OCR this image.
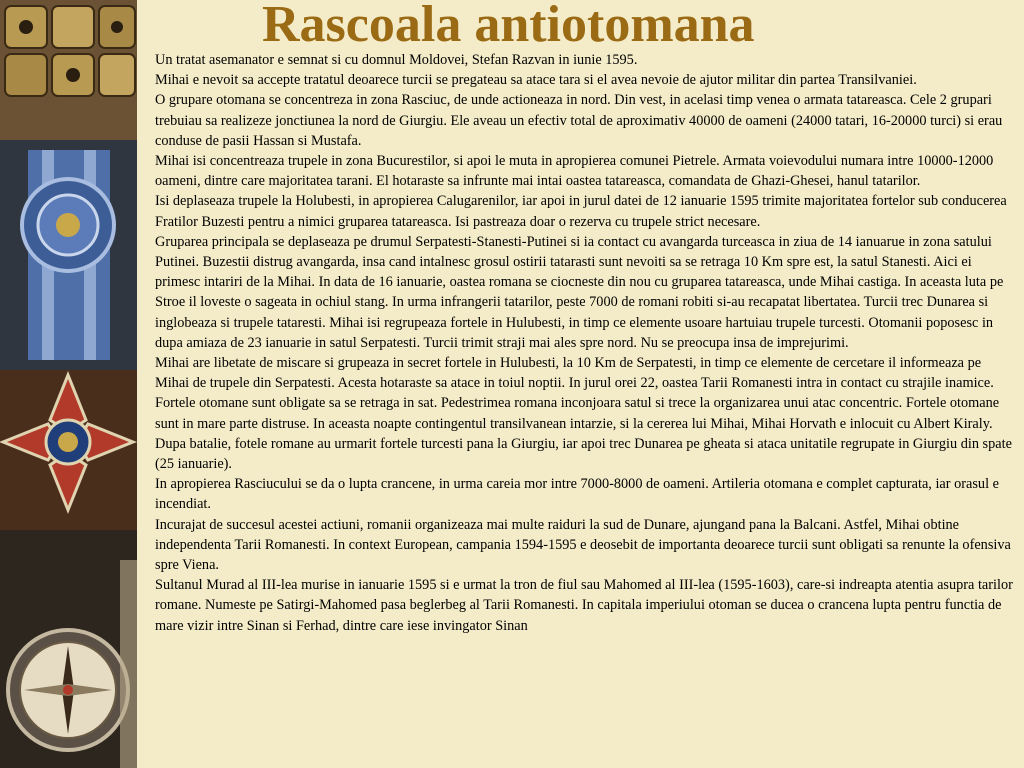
Rascoala antiotomana

Un tratat asemanator e semnat si cu domnul Moldovei, Stefan Razvan in iunie 1595.

Mihai e nevoit sa accepte tratatul deoarece turcii se pregateau sa atace tara si el avea nevoie de ajutor militar din partea Transilvaniei.

O grupare otomana se concentreza in zona Rasciuc, de unde actioneaza in nord. Din vest, in acelasi timp venea o armata tatareasca. Cele 2 grupari trebuiau sa realizeze jonctiunea la nord de Giurgiu. Ele aveau un efectiv total de aproximativ 40000 de oameni (24000 tatari, 16-20000 turci) si erau conduse de pasii Hassan si Mustafa.

Mihai isi concentreaza trupele in zona Bucurestilor, si apoi le muta in apropierea comunei Pietrele. Armata voievodului numara intre 10000-12000 oameni, dintre care majoritatea tarani. El hotaraste sa infrunte mai intai oastea tatareasca, comandata de Ghazi-Ghesei, hanul tatarilor.

Isi deplaseaza trupele la Holubesti, in apropierea Calugarenilor, iar apoi in jurul datei de 12 ianuarie 1595 trimite majoritatea fortelor sub conducerea Fratilor Buzesti pentru a nimici gruparea tatareasca. Isi pastreaza doar o rezerva cu trupele strict necesare.

Gruparea principala se deplaseaza pe drumul Serpatesti-Stanesti-Putinei si ia contact cu avangarda turceasca in ziua de 14 ianuarue in zona satului Putinei. Buzestii distrug avangarda, insa cand intalnesc grosul ostirii tatarasti sunt nevoiti sa se retraga 10 Km spre est, la satul Stanesti. Aici ei primesc intariri de la Mihai. In data de 16 ianuarie, oastea romana se ciocneste din nou cu gruparea tatareasca, unde Mihai castiga. In aceasta luta pe Stroe il loveste o sageata in ochiul stang. In urma infrangerii tatarilor, peste 7000 de romani robiti si-au recapatat libertatea. Turcii trec Dunarea si inglobeaza si trupele tataresti. Mihai isi regrupeaza fortele in Hulubesti, in timp ce elemente usoare hartuiau trupele turcesti. Otomanii poposesc in dupa amiaza de 23 ianuarie in satul Serpatesti. Turcii trimit straji mai ales spre nord. Nu se preocupa insa de imprejurimi.

Mihai are libetate de miscare si grupeaza in secret fortele in Hulubesti, la 10 Km de Serpatesti, in timp ce elemente de cercetare il informeaza pe Mihai de trupele din Serpatesti. Acesta hotaraste sa atace in toiul noptii. In jurul orei 22, oastea Tarii Romanesti intra in contact cu strajile inamice. Fortele otomane sunt obligate sa se retraga in sat. Pedestrimea romana inconjoara satul si trece la organizarea unui atac concentric. Fortele otomane sunt in mare parte distruse. In aceasta noapte contingentul transilvanean intarzie, si la cererea lui Mihai, Mihai Horvath e inlocuit cu Albert Kiraly.

Dupa batalie, fotele romane au urmarit fortele turcesti pana la Giurgiu, iar apoi trec Dunarea pe gheata si ataca unitatile regrupate in Giurgiu din spate (25 ianuarie).

In apropierea Rasciucului se da o lupta crancene, in urma careia mor intre 7000-8000 de oameni. Artileria otomana e complet capturata, iar orasul e incendiat.

Incurajat de succesul acestei actiuni, romanii organizeaza mai multe raiduri la sud de Dunare, ajungand pana la Balcani. Astfel, Mihai obtine independenta Tarii Romanesti. In context European, campania 1594-1595 e deosebit de importanta deoarece turcii sunt obligati sa renunte la ofensiva spre Viena.

Sultanul Murad al III-lea murise in ianuarie 1595 si e urmat la tron de fiul sau Mahomed al III-lea (1595-1603), care-si indreapta atentia asupra tarilor romane. Numeste pe Satirgi-Mahomed pasa beglerbeg al Tarii Romanesti. In capitala imperiului otoman se ducea o crancena lupta pentru functia de mare vizir intre Sinan si Ferhad, dintre care iese invingator Sinan
